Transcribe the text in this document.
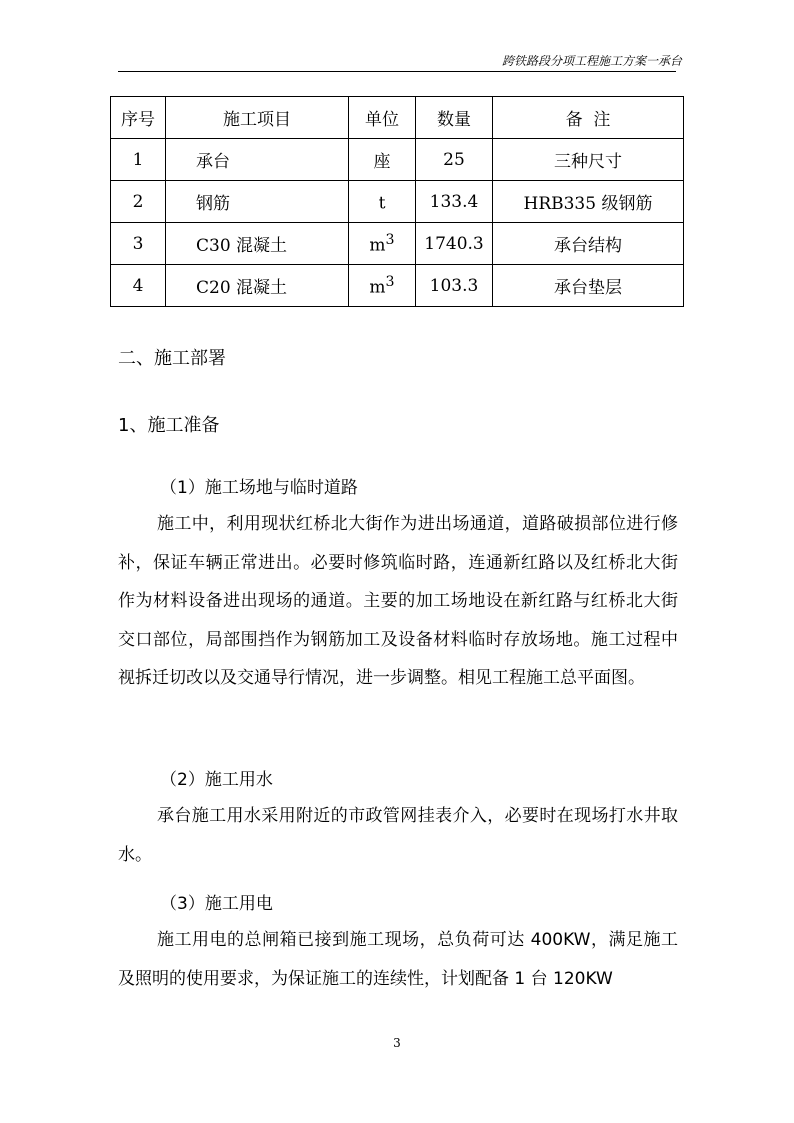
跨铁路段分项工程施工方案一承台
序号	施工项目	单位	数量	备  注
1	承台	座	25	三种尺寸
2	钢筋	t	133.4	HRB335 级钢筋
3	C30 混凝土	$m^3$	1740.3	承台结构
4	C20 混凝土	$m^3$	103.3	承台垫层
二、施工部署
1、施工准备
（1）施工场地与临时道路
施工中，利用现状红桥北大街作为进出场通道，道路破损部位进行修补，保证车辆正常进出。必要时修筑临时路，连通新红路以及红桥北大街作为材料设备进出现场的通道。主要的加工场地设在新红路与红桥北大街交口部位，局部围挡作为钢筋加工及设备材料临时存放场地。施工过程中视拆迁切改以及交通导行情况，进一步调整。相见工程施工总平面图。
（2）施工用水
承台施工用水采用附近的市政管网挂表介入，必要时在现场打水井取水。
（3）施工用电
施工用电的总闸箱已接到施工现场，总负荷可达 400KW，满足施工及照明的使用要求，为保证施工的连续性，计划配备 1 台 120KW
3
